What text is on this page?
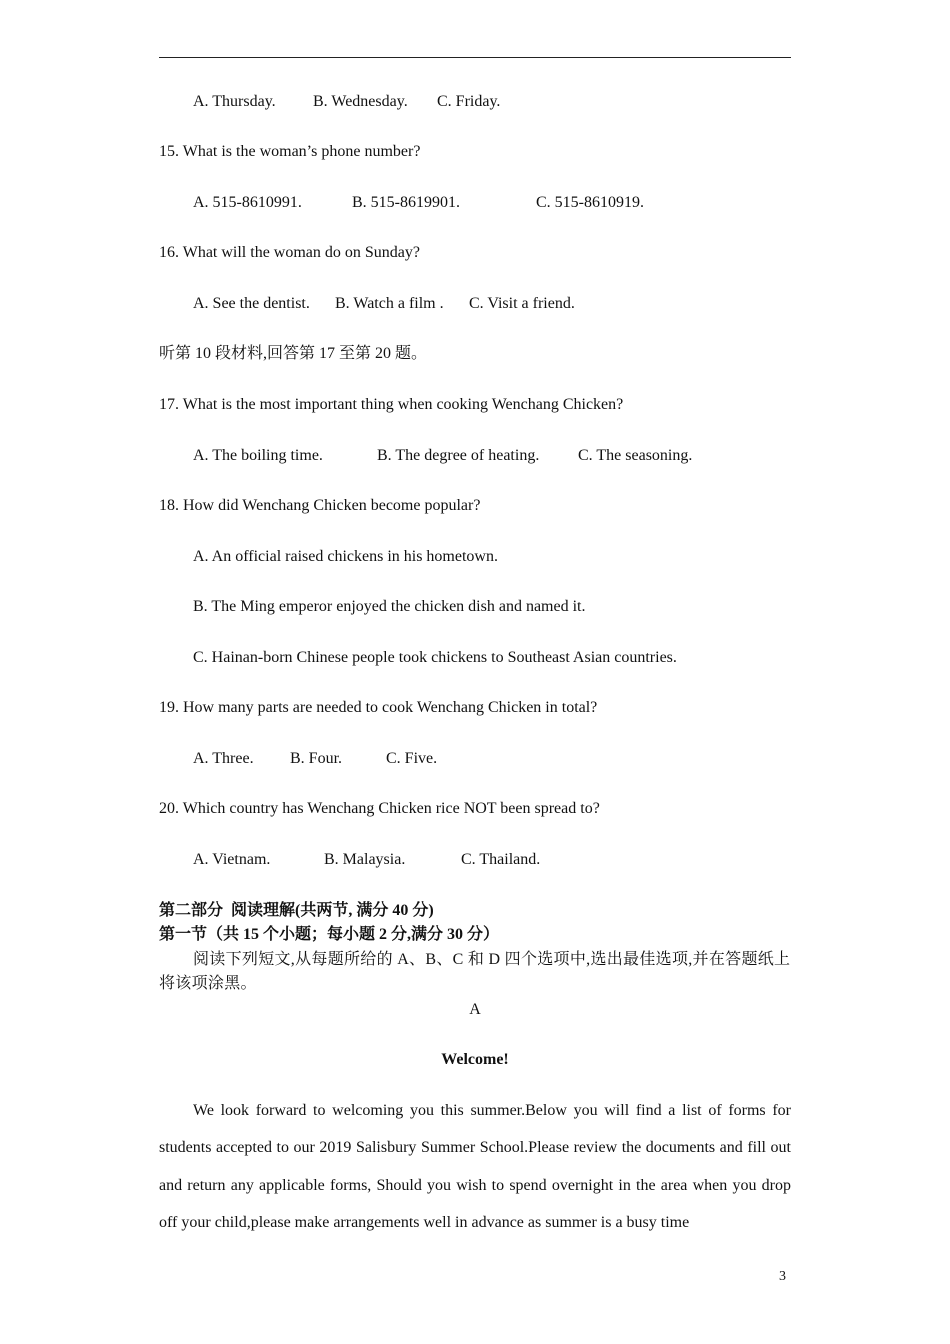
A. Thursday. B. Wednesday. C. Friday.
15. What is the woman’s phone number?
A. 515-8610991.	B. 515-8619901.	C. 515-8610919.
16. What will the woman do on Sunday?
A. See the dentist. B. Watch a film . C. Visit a friend.
听第 10 段材料,回答第 17 至第 20 题。
17. What is the most important thing when cooking Wenchang Chicken?
A. The boiling time.	B. The degree of heating. C. The seasoning.
18. How did Wenchang Chicken become popular?
A. An official raised chickens in his hometown.
B. The Ming emperor enjoyed the chicken dish and named it.
C. Hainan-born Chinese people took chickens to Southeast Asian countries.
19. How many parts are needed to cook Wenchang Chicken in total?
A. Three. B. Four.	C. Five.
20. Which country has Wenchang Chicken rice NOT been spread to?
A. Vietnam.	B. Malaysia.	C. Thailand.
第二部分  阅读理解(共两节, 满分 40 分)
第一节（共 15 个小题；每小题 2 分,满分 30 分）
阅读下列短文,从每题所给的 A、B、C 和 D 四个选项中,选出最佳选项,并在答题纸上将该项涂黑。
A
Welcome!
We look forward to welcoming you this summer.Below you will find a list of forms for students accepted to our 2019 Salisbury Summer School.Please review the documents and fill out and return any applicable forms, Should you wish to spend overnight in the area when you drop off your child,please make arrangements well in advance as summer is a busy time
3
